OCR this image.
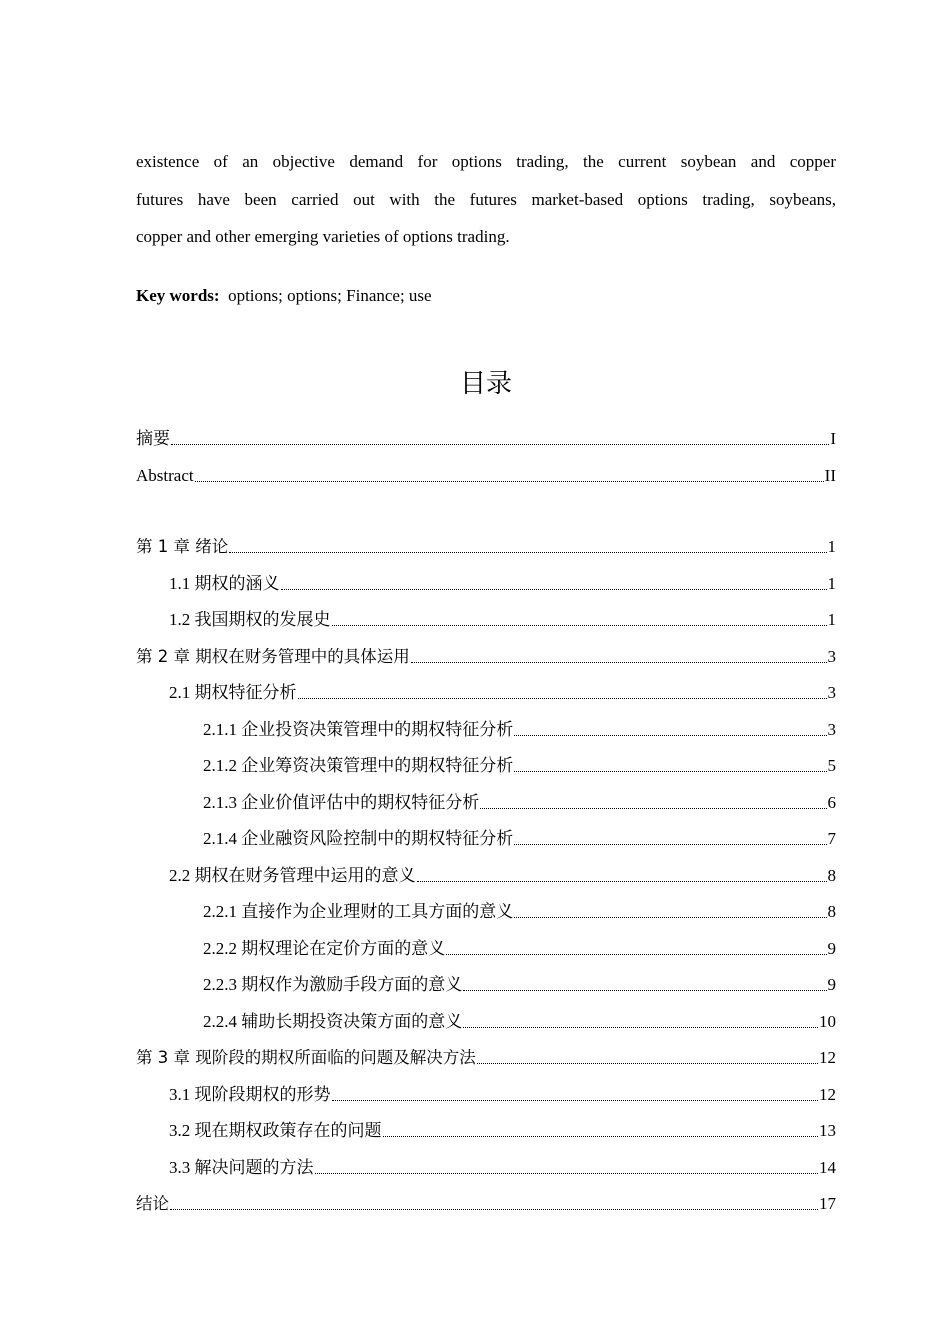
existence of an objective demand for options trading, the current soybean and copper
futures have been carried out with the futures market-based options trading, soybeans,
copper and other emerging varieties of options trading.
Key words: options; options; Finance; use
目录
摘要	I
Abstract	II
第 1 章 绪论	1
1.1 期权的涵义	1
1.2 我国期权的发展史	1
第 2 章 期权在财务管理中的具体运用	3
2.1 期权特征分析	3
2.1.1 企业投资决策管理中的期权特征分析	3
2.1.2 企业筹资决策管理中的期权特征分析	5
2.1.3 企业价值评估中的期权特征分析	6
2.1.4 企业融资风险控制中的期权特征分析	7
2.2 期权在财务管理中运用的意义	8
2.2.1 直接作为企业理财的工具方面的意义	8
2.2.2 期权理论在定价方面的意义	9
2.2.3 期权作为激励手段方面的意义	9
2.2.4 辅助长期投资决策方面的意义	10
第 3 章 现阶段的期权所面临的问题及解决方法	12
3.1 现阶段期权的形势	12
3.2 现在期权政策存在的问题	13
3.3 解决问题的方法	14
结论	17
